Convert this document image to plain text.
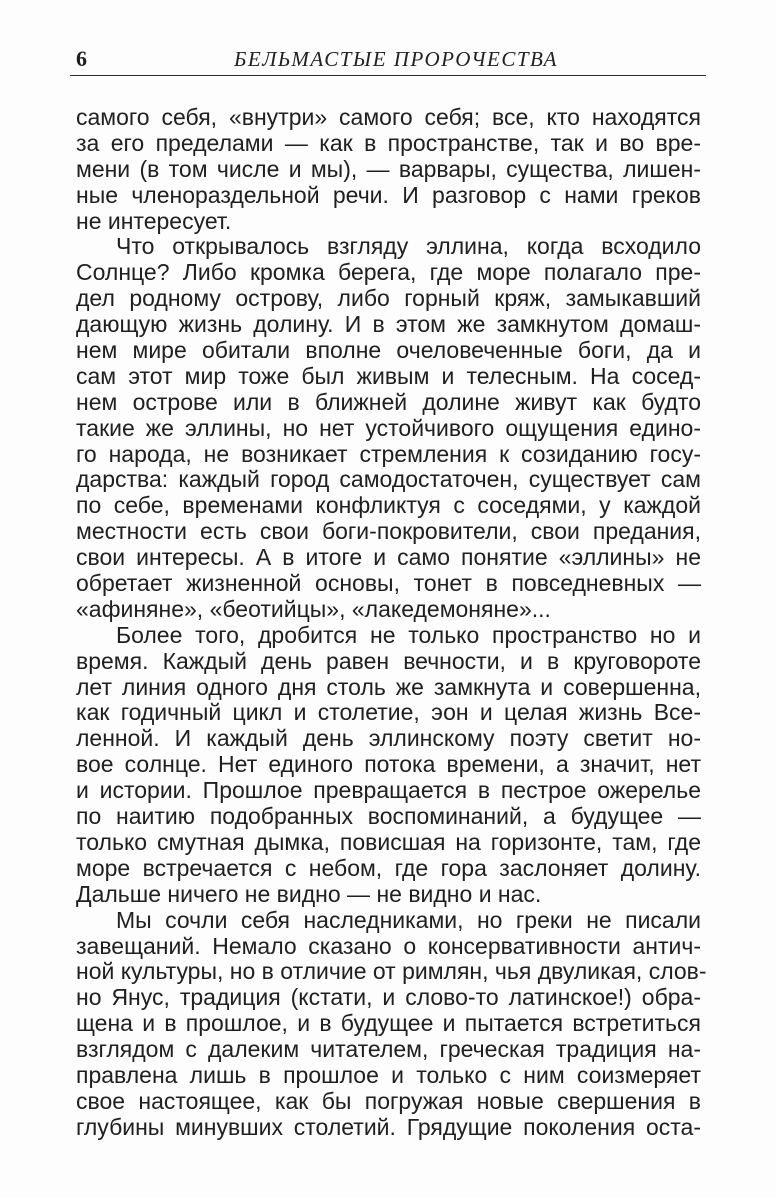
6	БЕЛЬМАСТЫЕ ПРОРОЧЕСТВА
самого себя, «внутри» самого себя; все, кто находятся
за его пределами — как в пространстве, так и во вре-
мени (в том числе и мы), — варвары, существа, лишен-
ные членораздельной речи. И разговор с нами греков
не интересует.
Что открывалось взгляду эллина, когда всходило
Солнце? Либо кромка берега, где море полагало пре-
дел родному острову, либо горный кряж, замыкавший
дающую жизнь долину. И в этом же замкнутом домаш-
нем мире обитали вполне очеловеченные боги, да и
сам этот мир тоже был живым и телесным. На сосед-
нем острове или в ближней долине живут как будто
такие же эллины, но нет устойчивого ощущения едино-
го народа, не возникает стремления к созиданию госу-
дарства: каждый город самодостаточен, существует сам
по себе, временами конфликтуя с соседями, у каждой
местности есть свои боги-покровители, свои предания,
свои интересы. А в итоге и само понятие «эллины» не
обретает жизненной основы, тонет в повседневных —
«афиняне», «беотийцы», «лакедемоняне»...
Более того, дробится не только пространство но и
время. Каждый день равен вечности, и в круговороте
лет линия одного дня столь же замкнута и совершенна,
как годичный цикл и столетие, эон и целая жизнь Все-
ленной. И каждый день эллинскому поэту светит но-
вое солнце. Нет единого потока времени, а значит, нет
и истории. Прошлое превращается в пестрое ожерелье
по наитию подобранных воспоминаний, а будущее —
только смутная дымка, повисшая на горизонте, там, где
море встречается с небом, где гора заслоняет долину.
Дальше ничего не видно — не видно и нас.
Мы сочли себя наследниками, но греки не писали
завещаний. Немало сказано о консервативности антич-
ной культуры, но в отличие от римлян, чья двуликая, слов-
но Янус, традиция (кстати, и слово-то латинское!) обра-
щена и в прошлое, и в будущее и пытается встретиться
взглядом с далеким читателем, греческая традиция на-
правлена лишь в прошлое и только с ним соизмеряет
свое настоящее, как бы погружая новые свершения в
глубины минувших столетий. Грядущие поколения оста-
